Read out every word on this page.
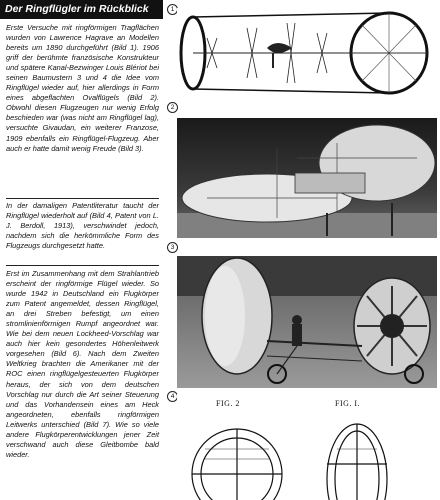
Der Ringflügler im Rückblick

Erste Versuche mit ringförmigen Tragflächen wurden von Lawrence Hagrave an Modellen bereits um 1890 durchgeführt (Bild 1). 1906 griff der berühmte französische Konstrukteur und spätere Kanal-Bezwinger Louis Blériot bei seinen Baumustern 3 und 4 die Idee vom Ringflügel wieder auf, hier allerdings in Form eines abgeflachten Ovalflügels (Bild 2). Obwohl diesen Flugzeugen nur wenig Erfolg beschieden war (was nicht am Ringflügel lag), versuchte Givaudan, ein weiterer Franzose, 1909 ebenfalls ein Ringflügel-Flugzeug. Aber auch er hatte damit wenig Freude (Bild 3).

In der damaligen Patentliteratur taucht der Ringflügel wiederholt auf (Bild 4, Patent von L. J. Berdoll, 1913), verschwindet jedoch, nachdem sich die herkömmliche Form des Flugzeugs durchgesetzt hatte.

Erst im Zusammenhang mit dem Strahlantrieb erscheint der ringförmige Flügel wieder. So wurde 1942 in Deutschland ein Flugkörper zum Patent angemeldet, dessen Ringflügel, an drei Streben befestigt, um einen stromlinienförmigen Rumpf angeordnet war. Wie bei dem neuen Lockheed-Vorschlag war auch hier kein gesondertes Höhenleitwerk vorgesehen (Bild 6). Nach dem Zweiten Weltkrieg brachten die Amerikaner mit der ROC einen ringflügelgesteuerten Flugkörper heraus, der sich von dem deutschen Vorschlag nur durch die Art seiner Steuerung und das Vorhandensein eines am Heck angeordneten, ebenfalls ringförmigen Leitwerks unterschied (Bild 7). Wie so viele andere Flugkörperentwicklungen jener Zeit verschwand auch diese Gleitbombe bald wieder.

1
2
3
4
FIG. 2	FIG. I.
